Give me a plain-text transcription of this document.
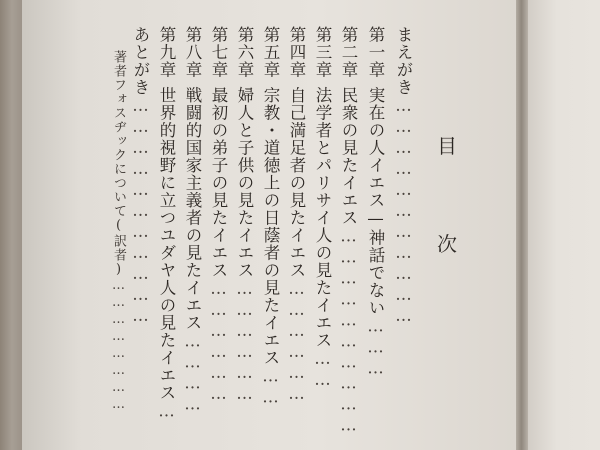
目
次
まえがき……………………………
第一章実在の人イエス—神話でない………
第二章民衆の見たイエス…………………………
第三章法学者とパリサイ人の見たイエス……
第四章自己満足者の見たイエス………………
第五章宗教・道徳上の日蔭者の見たイエス……
第六章婦人と子供の見たイエス………………
第七章最初の弟子の見たイエス………………
第八章戦闘的国家主義者の見たイエス…………
第九章世界的視野に立つユダヤ人の見たイエス…
あとがき……………………………
著者フォスヂックについて(訳者)……………………
